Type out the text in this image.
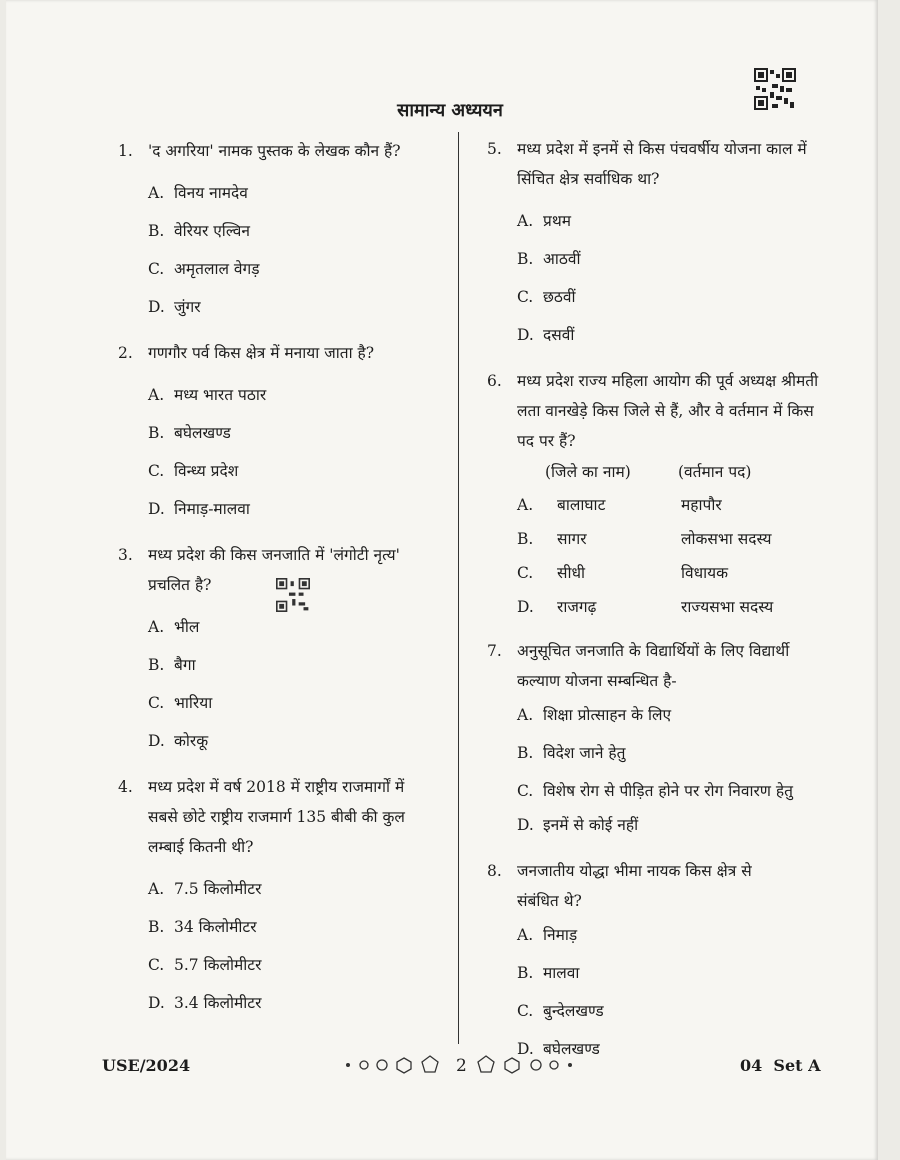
सामान्य अध्ययन
1. 'द अगरिया' नामक पुस्तक के लेखक कौन हैं?
A. विनय नामदेव
B. वेरियर एल्विन
C. अमृतलाल वेगड़
D. जुंगर
2. गणगौर पर्व किस क्षेत्र में मनाया जाता है?
A. मध्य भारत पठार
B. बघेलखण्ड
C. विन्ध्य प्रदेश
D. निमाड़-मालवा
3. मध्य प्रदेश की किस जनजाति में 'लंगोटी नृत्य' प्रचलित है?
A. भील
B. बैगा
C. भारिया
D. कोरकू
4. मध्य प्रदेश में वर्ष 2018 में राष्ट्रीय राजमार्गों में सबसे छोटे राष्ट्रीय राजमार्ग 135 बीबी की कुल लम्बाई कितनी थी?
A. 7.5 किलोमीटर
B. 34 किलोमीटर
C. 5.7 किलोमीटर
D. 3.4 किलोमीटर
5. मध्य प्रदेश में इनमें से किस पंचवर्षीय योजना काल में सिंचित क्षेत्र सर्वाधिक था?
A. प्रथम
B. आठवीं
C. छठवीं
D. दसवीं
6. मध्य प्रदेश राज्य महिला आयोग की पूर्व अध्यक्ष श्रीमती लता वानखेड़े किस जिले से हैं, और वे वर्तमान में किस पद पर हैं?
(जिले का नाम)	(वर्तमान पद)
A. बालाघाट	महापौर
B. सागर	लोकसभा सदस्य
C. सीधी	विधायक
D. राजगढ़	राज्यसभा सदस्य
7. अनुसूचित जनजाति के विद्यार्थियों के लिए विद्यार्थी कल्याण योजना सम्बन्धित है-
A. शिक्षा प्रोत्साहन के लिए
B. विदेश जाने हेतु
C. विशेष रोग से पीड़ित होने पर रोग निवारण हेतु
D. इनमें से कोई नहीं
8. जनजातीय योद्धा भीमा नायक किस क्षेत्र से संबंधित थे?
A. निमाड़
B. मालवा
C. बुन्देलखण्ड
D. बघेलखण्ड
USE/2024	2	04  Set A
